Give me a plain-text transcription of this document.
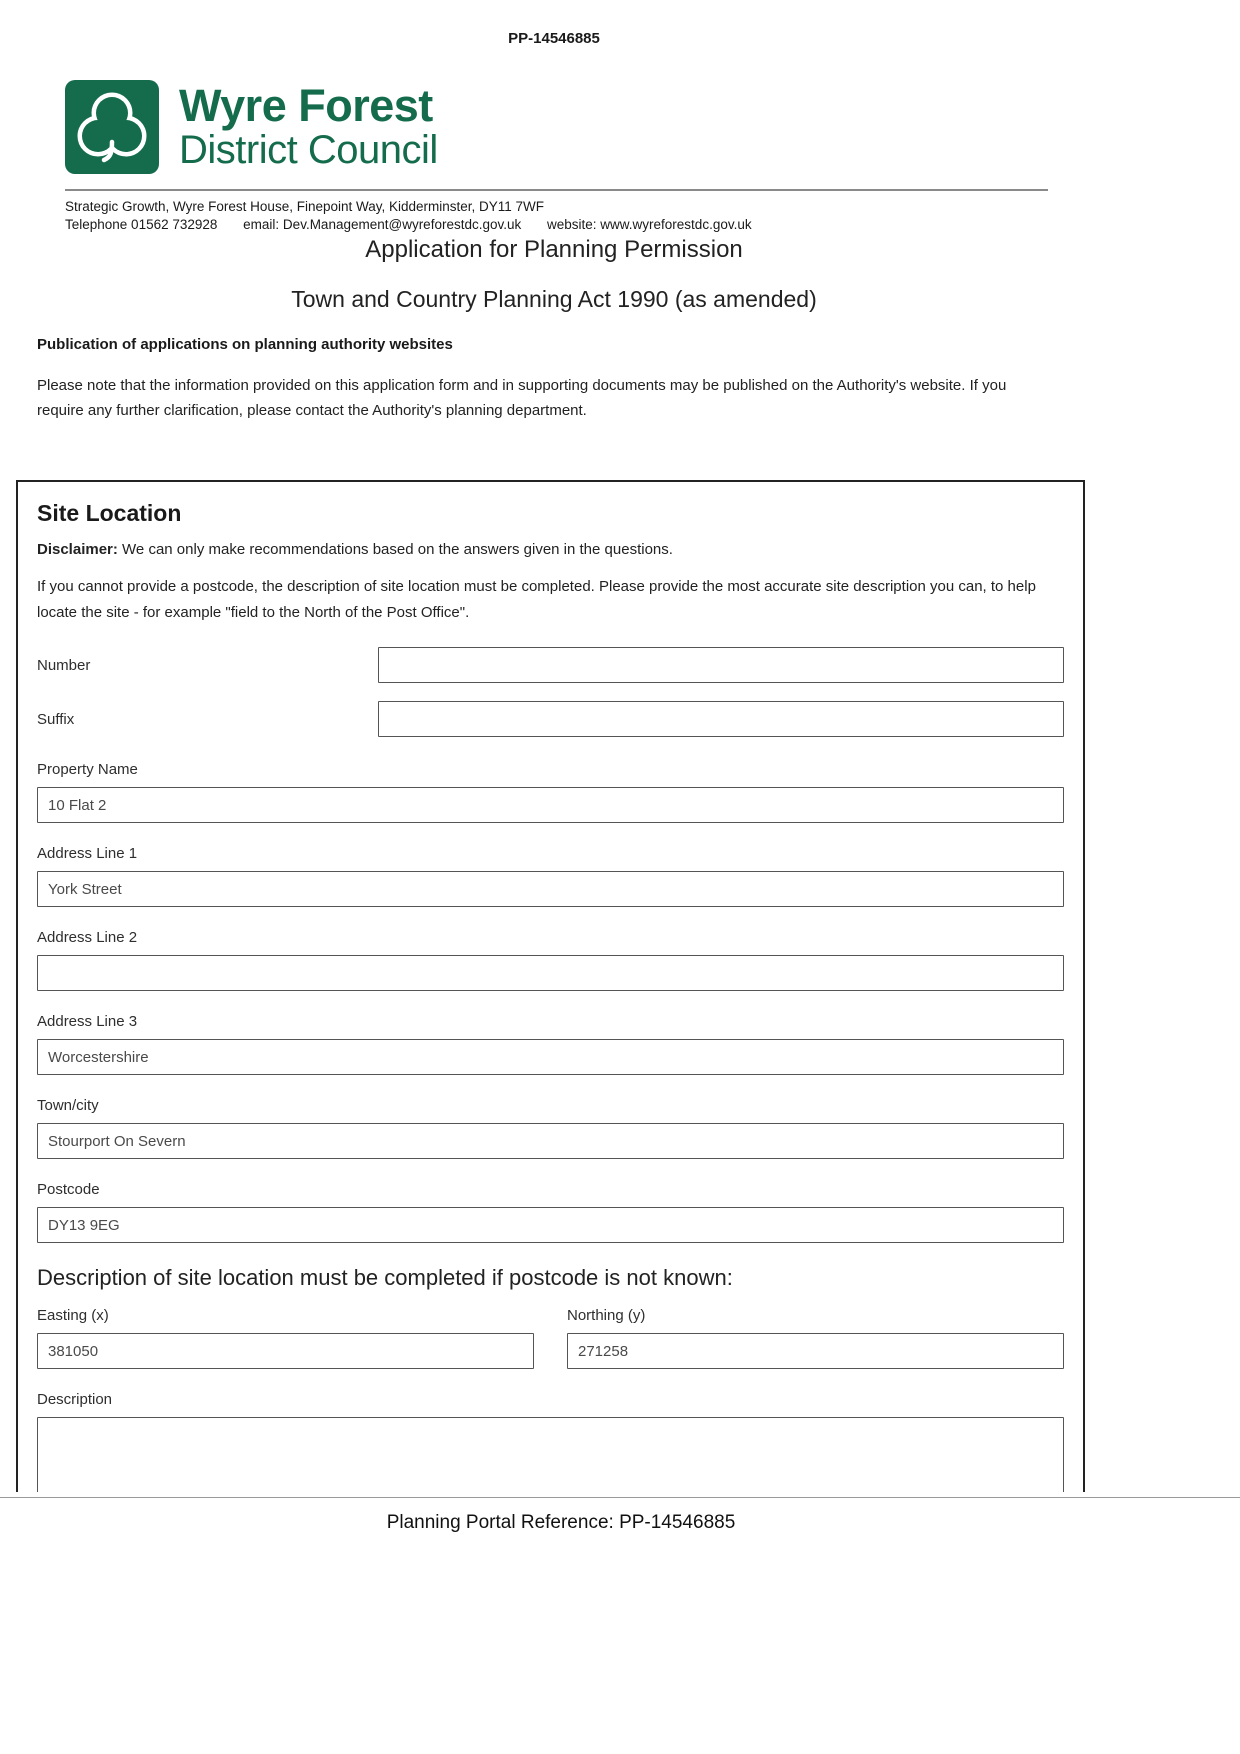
PP-14546885
Wyre Forest
District Council
Strategic Growth, Wyre Forest House, Finepoint Way, Kidderminster, DY11 7WF
Telephone 01562 732928 email: Dev.Management@wyreforestdc.gov.uk website: www.wyreforestdc.gov.uk
Application for Planning Permission
Town and Country Planning Act 1990 (as amended)
Publication of applications on planning authority websites
Please note that the information provided on this application form and in supporting documents may be published on the Authority's website. If you require any further clarification, please contact the Authority's planning department.
Site Location
Disclaimer: We can only make recommendations based on the answers given in the questions.
If you cannot provide a postcode, the description of site location must be completed. Please provide the most accurate site description you can, to help locate the site - for example "field to the North of the Post Office".
Number
Suffix
Property Name
10 Flat 2
Address Line 1
York Street
Address Line 2
Address Line 3
Worcestershire
Town/city
Stourport On Severn
Postcode
DY13 9EG
Description of site location must be completed if postcode is not known:
Easting (x)
381050	Northing (y)
271258
Description
Planning Portal Reference: PP-14546885
